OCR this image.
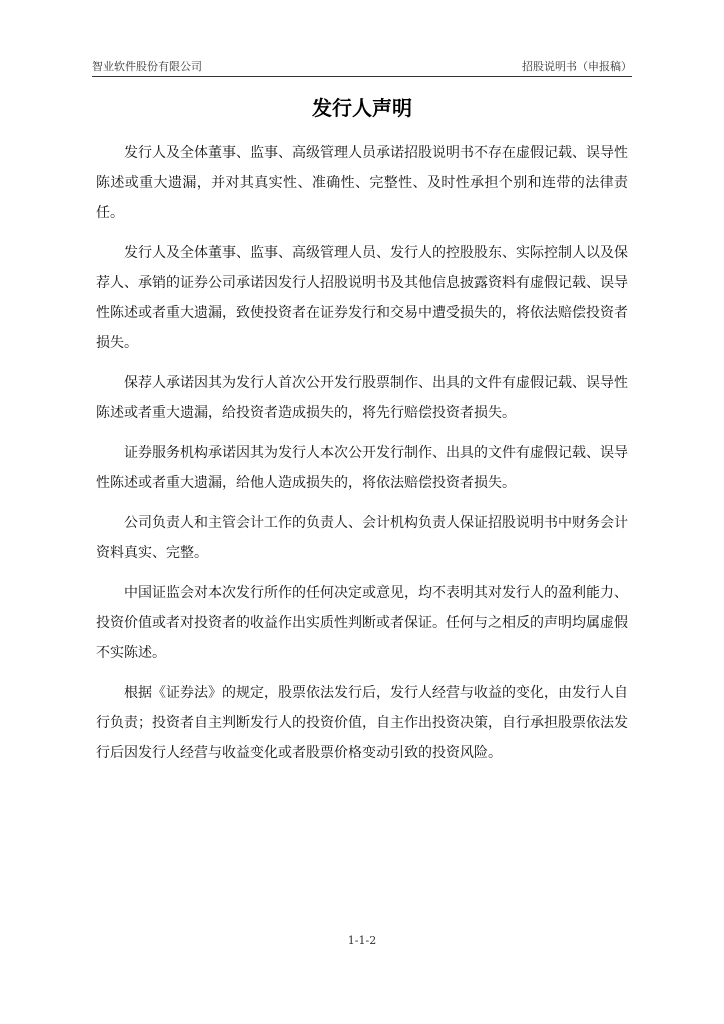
智业软件股份有限公司	招股说明书（申报稿）
发行人声明

发行人及全体董事、监事、高级管理人员承诺招股说明书不存在虚假记载、误导性陈述或重大遗漏，并对其真实性、准确性、完整性、及时性承担个别和连带的法律责任。

发行人及全体董事、监事、高级管理人员、发行人的控股股东、实际控制人以及保荐人、承销的证券公司承诺因发行人招股说明书及其他信息披露资料有虚假记载、误导性陈述或者重大遗漏，致使投资者在证券发行和交易中遭受损失的，将依法赔偿投资者损失。

保荐人承诺因其为发行人首次公开发行股票制作、出具的文件有虚假记载、误导性陈述或者重大遗漏，给投资者造成损失的，将先行赔偿投资者损失。

证券服务机构承诺因其为发行人本次公开发行制作、出具的文件有虚假记载、误导性陈述或者重大遗漏，给他人造成损失的，将依法赔偿投资者损失。

公司负责人和主管会计工作的负责人、会计机构负责人保证招股说明书中财务会计资料真实、完整。

中国证监会对本次发行所作的任何决定或意见，均不表明其对发行人的盈利能力、投资价值或者对投资者的收益作出实质性判断或者保证。任何与之相反的声明均属虚假不实陈述。

根据《证券法》的规定，股票依法发行后，发行人经营与收益的变化，由发行人自行负责；投资者自主判断发行人的投资价值，自主作出投资决策，自行承担股票依法发行后因发行人经营与收益变化或者股票价格变动引致的投资风险。

1-1-2
